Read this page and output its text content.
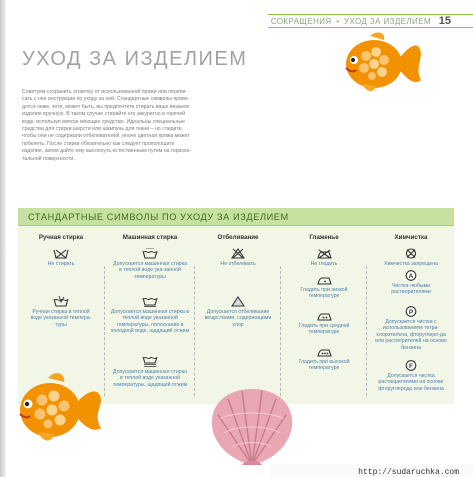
СОКРАЩЕНИЯ • УХОД ЗА ИЗДЕЛИЕМ 15
УХОД ЗА ИЗДЕЛИЕМ

Советуем сохранить этикетку от использованной пряжи или перепи-

сать с нее инструкции по уходу за ней. Стандартные символы приво-

дятся ниже, хотя, может быть, вы предпочтете стирать ваше вязаное

изделие вручную. В таком случае стирайте его аккуратно в горячей

воде, используя мягкое моющее средство. Идеальны специальные

средства для стирки шерсти или шампунь для ткани – но следите,

чтобы они не содержали отбеливателей, иначе цветная пряжа может

побелеть. После стирки обязательно как следует прополощите

изделие, затем дайте ему высохнуть естественным путем на горизон-

тальной поверхности.

СТАНДАРТНЫЕ СИМВОЛЫ ПО УХОДУ ЗА ИЗДЕЛИЕМ
Ручная стирка
Не стирать
Ручная стирка в теплой воде указанной темпера-туры
Машинная стирка
Допускается машинная стирка в теплой воде ука-занной температуры
Допускается машинная стирка в теплой воде указанной температуры, полоскание в холодной воде, щадящий отжим
Допускается машинная стирка в теплой воде указанной температуры, щадящий отжим
Отбеливание
Не отбеливать
Допускается отбеливание веществами, содержащими хлор
Глаженье
Не гладить
Гладить при низкой температуре
Гладить при средней температуре
Гладить при высокой температуре
Химчистка
Химчистка запрещена
A
Чистка любыми растворителями
P
Допускается чистка с использованием тетра-хлорэтилена, фторуглеро-да или растворителей на основе бензина
F
Допускается чистка растворителями на основе фторуглерода или бензина
http://sudaruchka.com
